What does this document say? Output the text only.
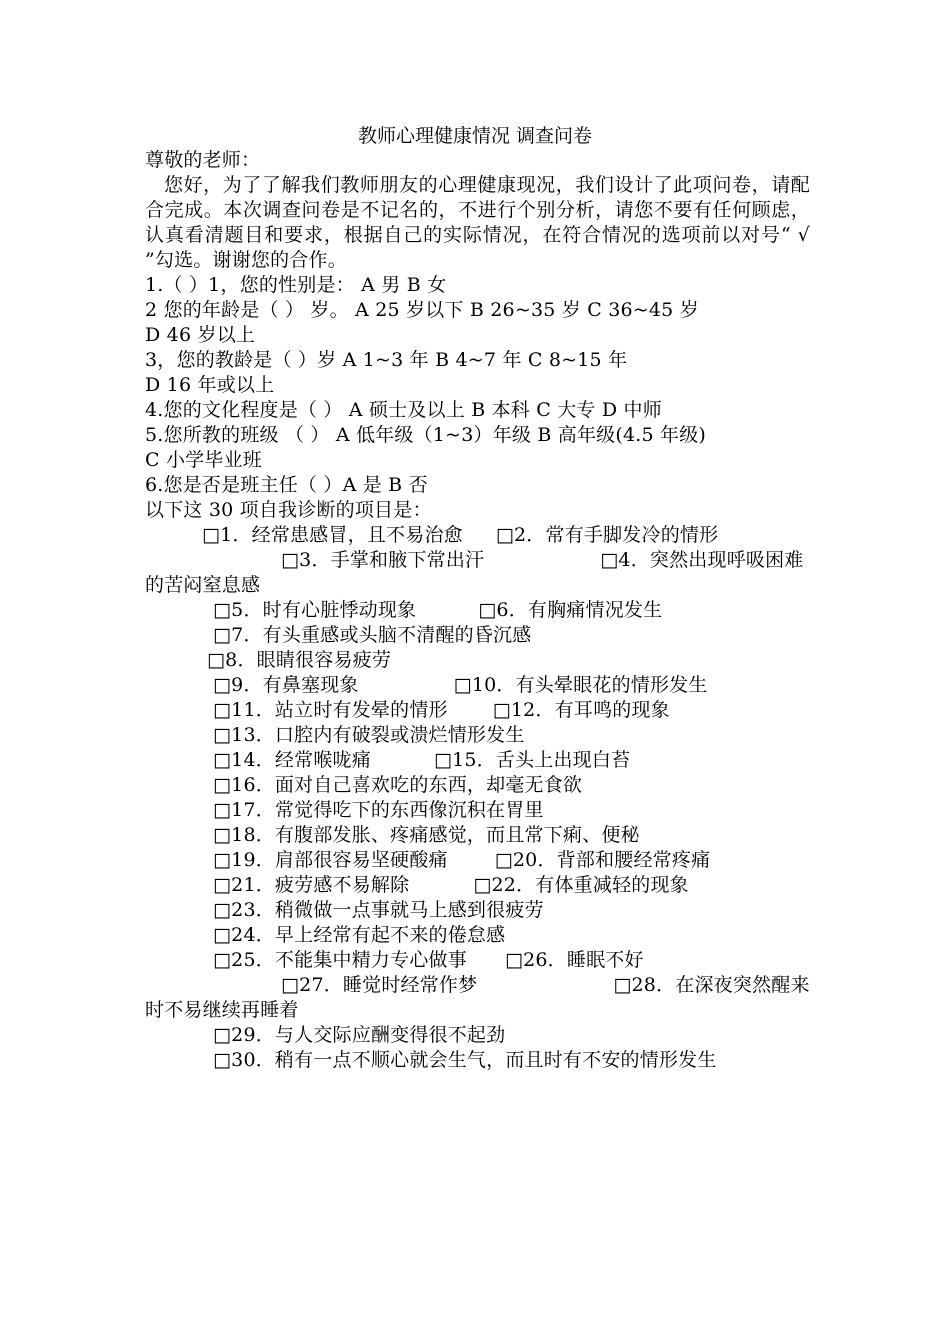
教师心理健康情况 调查问卷
尊敬的老师：
您好，为了了解我们教师朋友的心理健康现况，我们设计了此项问卷，请配合完成。本次调查问卷是不记名的，不进行个别分析，请您不要有任何顾虑，认真看清题目和要求，根据自己的实际情况，在符合情况的选项前以对号“ √ ”勾选。谢谢您的合作。
1.（ ）1，您的性别是： A 男 B 女
2 您的年龄是（ ） 岁。 A 25 岁以下 B 26~35 岁 C 36~45 岁
D 46 岁以上
3，您的教龄是（ ）岁 A 1~3 年 B 4~7 年 C 8~15 年
D 16 年或以上
4.您的文化程度是（ ） A 硕士及以上 B 本科 C 大专 D 中师
5.您所教的班级 （ ） A 低年级（1~3）年级 B 高年级(4.5 年级)
C 小学毕业班
6.您是否是班主任（ ）A 是 B 否
以下这 30 项自我诊断的项目是：
□1．经常患感冒，且不易治愈 □2．常有手脚发冷的情形
□3．手掌和腋下常出汗	□4．突然出现呼吸困难的苦闷窒息感
□5．时有心脏悸动现象	□6．有胸痛情况发生
□7．有头重感或头脑不清醒的昏沉感
□8．眼睛很容易疲劳
□9．有鼻塞现象	□10．有头晕眼花的情形发生
□11．站立时有发晕的情形 □12．有耳鸣的现象
□13．口腔内有破裂或溃烂情形发生
□14．经常喉咙痛	□15．舌头上出现白苔
□16．面对自己喜欢吃的东西，却毫无食欲
□17．常觉得吃下的东西像沉积在胃里
□18．有腹部发胀、疼痛感觉，而且常下痢、便秘
□19．肩部很容易坚硬酸痛 □20．背部和腰经常疼痛
□21．疲劳感不易解除	□22．有体重减轻的现象
□23．稍微做一点事就马上感到很疲劳
□24．早上经常有起不来的倦怠感
□25．不能集中精力专心做事 □26．睡眠不好
□27．睡觉时经常作梦	□28．在深夜突然醒来时不易继续再睡着
□29．与人交际应酬变得很不起劲
□30．稍有一点不顺心就会生气，而且时有不安的情形发生
